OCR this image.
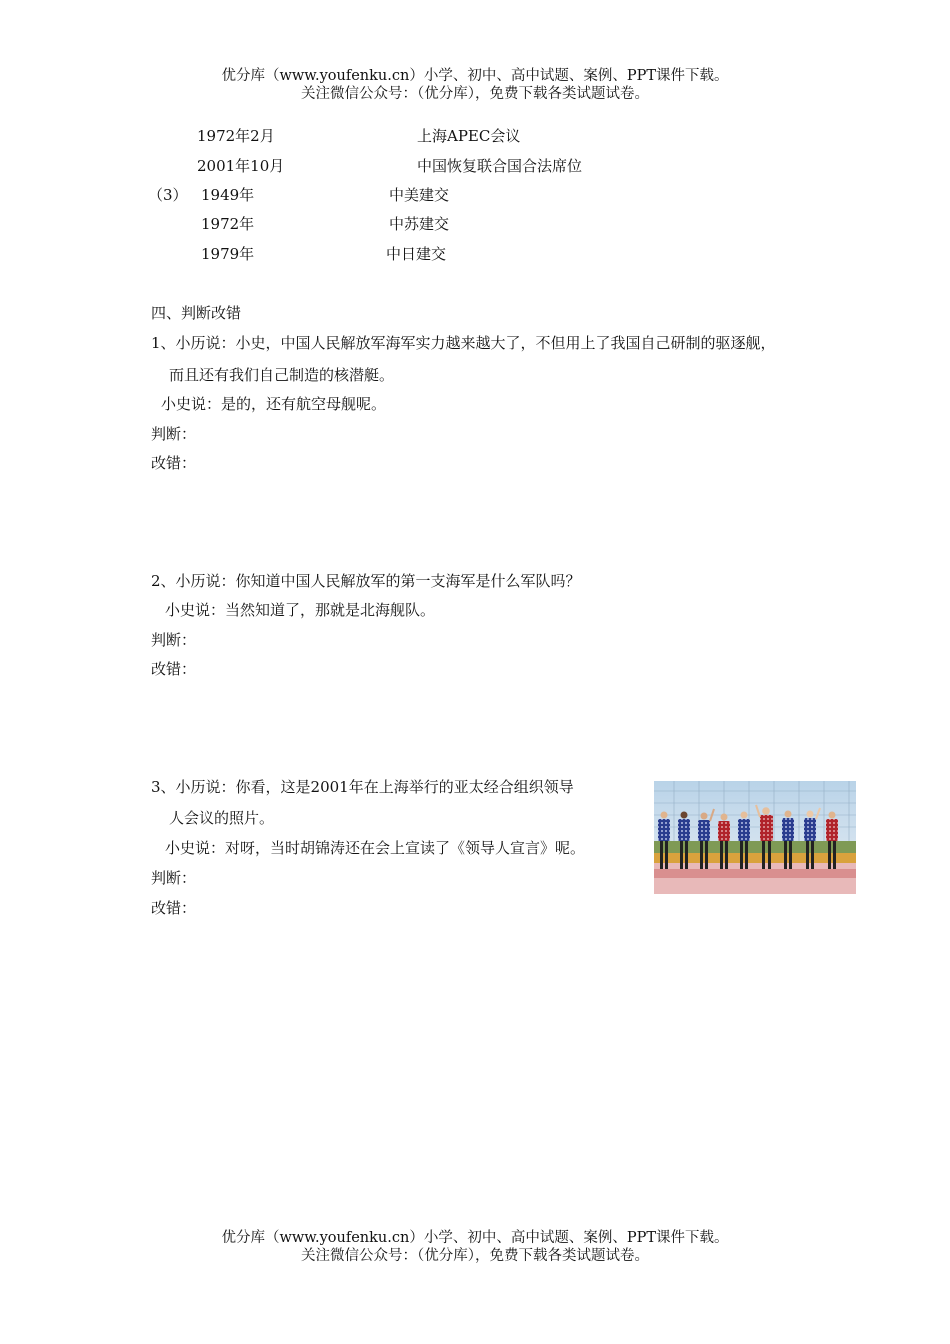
优分库（www.youfenku.cn）小学、初中、高中试题、案例、PPT课件下载。
关注微信公众号：（优分库），免费下载各类试题试卷。
1972年2月	上海APEC会议
2001年10月	中国恢复联合国合法席位
（3） 1949年	中美建交
1972年	中苏建交
1979年	中日建交
四、判断改错
1、小历说：小史，中国人民解放军海军实力越来越大了，不但用上了我国自己研制的驱逐舰，
而且还有我们自己制造的核潜艇。
小史说：是的，还有航空母舰呢。
判断：
改错：
2、小历说：你知道中国人民解放军的第一支海军是什么军队吗？
小史说：当然知道了，那就是北海舰队。
判断：
改错：
3、小历说：你看，这是2001年在上海举行的亚太经合组织领导
人会议的照片。
小史说：对呀，当时胡锦涛还在会上宣读了《领导人宣言》呢。
判断：
改错：
优分库（www.youfenku.cn）小学、初中、高中试题、案例、PPT课件下载。
关注微信公众号：（优分库），免费下载各类试题试卷。
